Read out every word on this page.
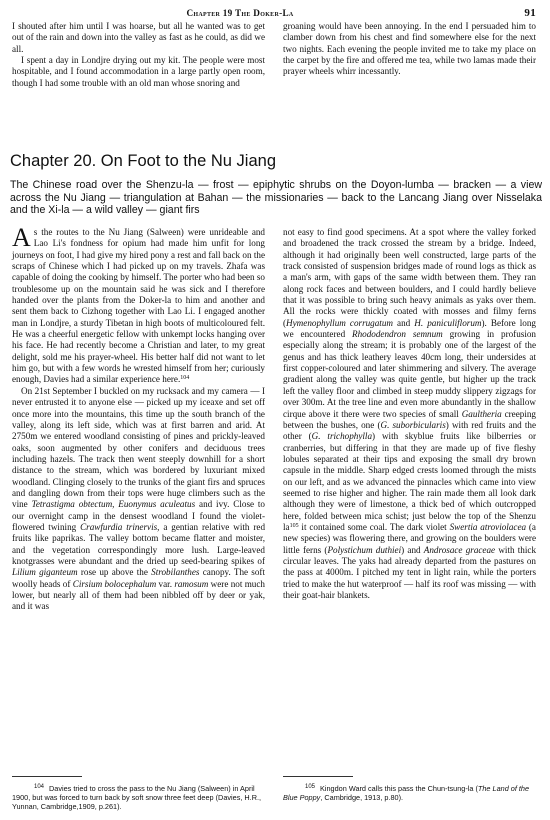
Chapter 19 The Doker-La	91

I shouted after him until I was hoarse, but all he wanted was to get out of the rain and down into the valley as fast as he could, as did we all.

I spent a day in Londjre drying out my kit. The people were most hospitable, and I found accommodation in a large partly open room, though I had some trouble with an old man whose snoring and

groaning would have been annoying. In the end I persuaded him to clamber down from his chest and find somewhere else for the next two nights. Each evening the people invited me to take my place on the carpet by the fire and offered me tea, while two lamas made their prayer wheels whirr incessantly.

Chapter 20. On Foot to the Nu Jiang
The Chinese road over the Shenzu-la — frost — epiphytic shrubs on the Doyon-lumba — bracken — a view across the Nu Jiang — triangulation at Bahan — the missionaries — back to the Lancang Jiang over Nisselaka and the Xi-la — a wild valley — giant firs

As the routes to the Nu Jiang (Salween) were unrideable and Lao Li's fondness for opium had made him unfit for long journeys on foot, I had give my hired pony a rest and fall back on the scraps of Chinese which I had picked up on my travels. Zhafa was capable of doing the cooking by himself. The porter who had been so troublesome up on the mountain said he was sick and I therefore handed over the plants from the Doker-la to him and another and sent them back to Cizhong together with Lao Li. I engaged another man in Londjre, a sturdy Tibetan in high boots of multicoloured felt. He was a cheerful energetic fellow with unkempt locks hanging over his face. He had recently become a Christian and later, to my great delight, sold me his prayer-wheel. His better half did not want to let him go, but with a few words he wrested himself from her; curiously enough, Davies had a similar experience here.$^{104}$

On 21st September I buckled on my rucksack and my camera — I never entrusted it to anyone else — picked up my iceaxe and set off once more into the mountains, this time up the south branch of the valley, along its left side, which was at first barren and arid. At 2750m we entered woodland consisting of pines and prickly-leaved oaks, soon augmented by other conifers and deciduous trees including hazels. The track then went steeply downhill for a short distance to the stream, which was bordered by luxuriant mixed woodland. Clinging closely to the trunks of the giant firs and spruces and dangling down from their tops were huge climbers such as the vine Tetrastigma obtectum, Euonymus aculeatus and ivy. Close to our overnight camp in the densest woodland I found the violet-flowered twining Crawfurdia trinervis, a gentian relative with red fruits like paprikas. The valley bottom became flatter and moister, and the vegetation correspondingly more lush. Large-leaved knotgrasses were abundant and the dried up seed-bearing spikes of Lilium giganteum rose up above the Strobilanthes canopy. The soft woolly heads of Cirsium bolocephalum var. ramosum were not much lower, but nearly all of them had been nibbled off by deer or yak, and it was

not easy to find good specimens. At a spot where the valley forked and broadened the track crossed the stream by a bridge. Indeed, although it had originally been well constructed, large parts of the track consisted of suspension bridges made of round logs as thick as a man's arm, with gaps of the same width between them. They ran along rock faces and between boulders, and I could hardly believe that it was possible to bring such heavy animals as yaks over them. All the rocks were thickly coated with mosses and filmy ferns (Hymenophyllum corrugatum and H. paniculiflorum). Before long we encountered Rhododendron semnum growing in profusion especially along the stream; it is probably one of the largest of the genus and has thick leathery leaves 40cm long, their undersides at first copper-coloured and later shimmering and silvery. The average gradient along the valley was quite gentle, but higher up the track left the valley floor and climbed in steep muddy slippery zigzags for over 300m. At the tree line and even more abundantly in the shallow cirque above it there were two species of small Gaultheria creeping between the bushes, one (G. suborbicularis) with red fruits and the other (G. trichophylla) with skyblue fruits like bilberries or cranberries, but differing in that they are made up of five fleshy lobules separated at their tips and exposing the small dry brown capsule in the middle. Sharp edged crests loomed through the mists on our left, and as we advanced the pinnacles which came into view seemed to rise higher and higher. The rain made them all look dark although they were of limestone, a thick bed of which outcropped here, folded between mica schist; just below the top of the Shenzu $la^{105}$ it contained some coal. The dark violet Swertia atroviolacea (a new species) was flowering there, and growing on the boulders were little ferns (Polystichum duthiei) and Androsace graceae with thick circular leaves. The yaks had already departed from the pastures on the pass at 4000m. I pitched my tent in light rain, while the porters tried to make the hut waterproof — half its roof was missing — with their goat-hair blankets.

$^{104}$ Davies tried to cross the pass to the Nu Jiang (Salween) in April 1900, but was forced to turn back by soft snow three feet deep (Davies, H.R., Yunnan, Cambridge,1909, p.261).
$^{105}$ Kingdon Ward calls this pass the Chun-tsung-la (The Land of the Blue Poppy, Cambridge, 1913, p.80).
